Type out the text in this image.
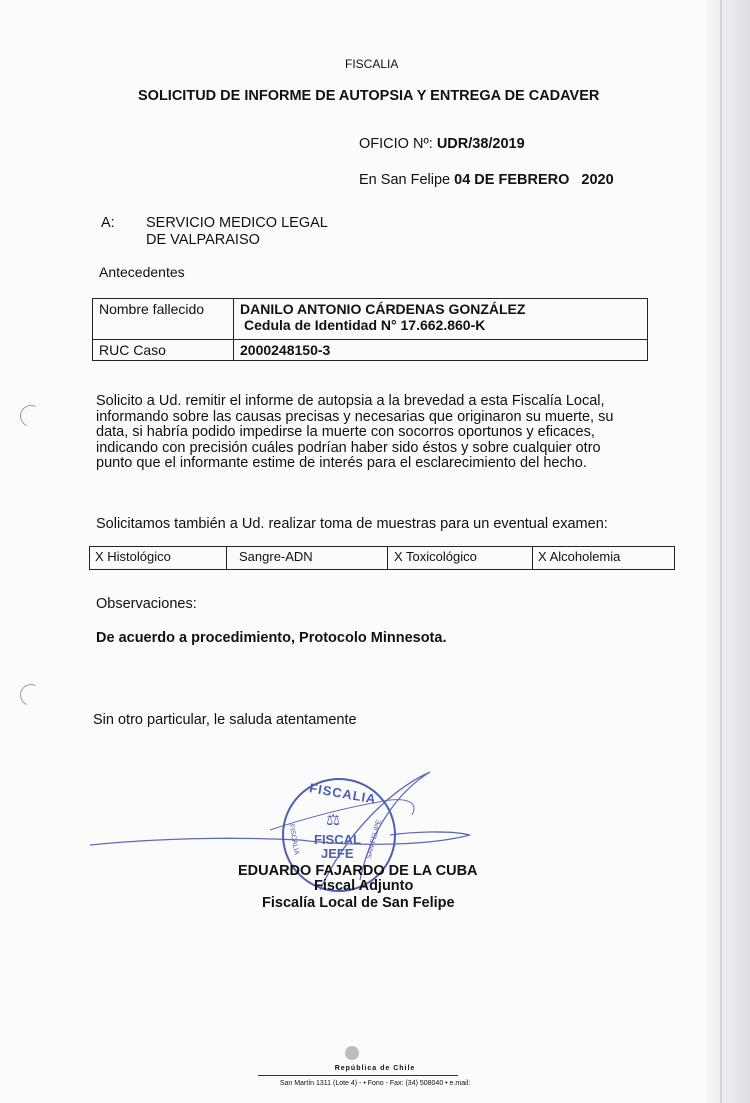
FISCALIA
SOLICITUD DE INFORME DE AUTOPSIA Y ENTREGA DE CADAVER
OFICIO Nº: UDR/38/2019
En San Felipe 04 DE FEBRERO 2020
A: SERVICIO MEDICO LEGAL
DE VALPARAISO
Antecedentes
Nombre fallecido	DANILO ANTONIO CÁRDENAS GONZÁLEZ
Cedula de Identidad N° 17.662.860-K

RUC Caso	2000248150-3
Solicito a Ud. remitir el informe de autopsia a la brevedad a esta Fiscalía Local,
informando sobre las causas precisas y necesarias que originaron su muerte, su
data, si habría podido impedirse la muerte con socorros oportunos y eficaces,
indicando con precisión cuáles podrían haber sido éstos y sobre cualquier otro
punto que el informante estime de interés para el esclarecimiento del hecho.
Solicitamos también a Ud. realizar toma de muestras para un eventual examen:
X Histológico	Sangre-ADN	X Toxicológico	X Alcoholemia
Observaciones:
De acuerdo a procedimiento, Protocolo Minnesota.
Sin otro particular, le saluda atentamente
FISCALIA
⚖
FISCAL
JEFE
FISCALIA	SAN FELIPE
EDUARDO FAJARDO DE LA CUBA
Fiscal Adjunto
Fiscalía Local de San Felipe
República de Chile
San Martín 1311 (Lote 4) - • Fono - Fax: (34) 508040 • e.mail:
